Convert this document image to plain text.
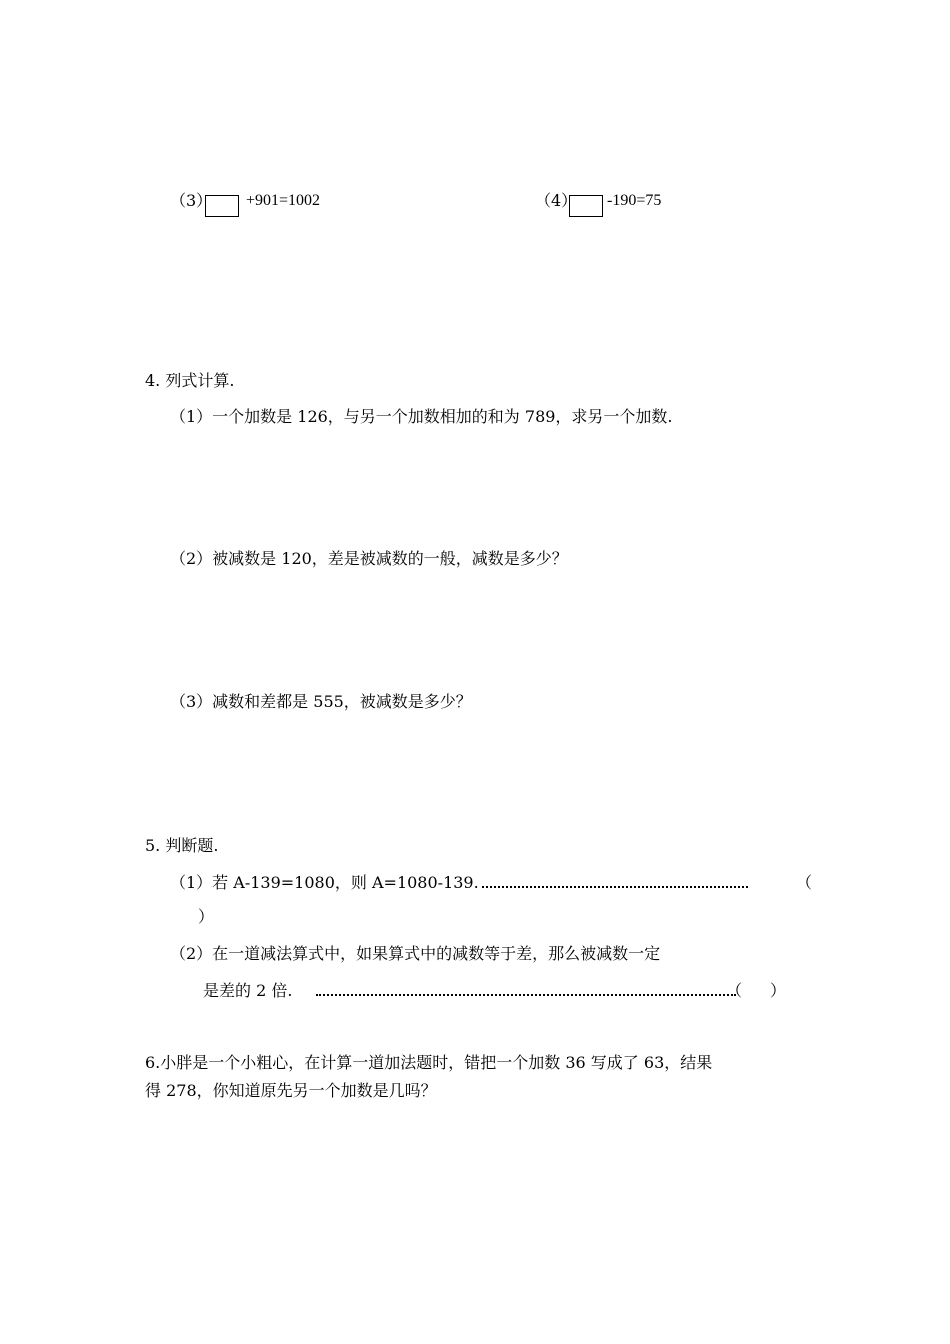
（3） +901=1002	（4） -190=75
4. 列式计算.
（1）一个加数是 126，与另一个加数相加的和为 789，求另一个加数.
（2）被减数是 120，差是被减数的一般，减数是多少？
（3）减数和差都是 555，被减数是多少？
5. 判断题.
（1）若 A-139=1080，则 A=1080-139.	（
）
（2）在一道减法算式中，如果算式中的减数等于差，那么被减数一定
是差的 2 倍.	（ ）
6.小胖是一个小粗心，在计算一道加法题时，错把一个加数 36 写成了 63，结果
得 278，你知道原先另一个加数是几吗？
